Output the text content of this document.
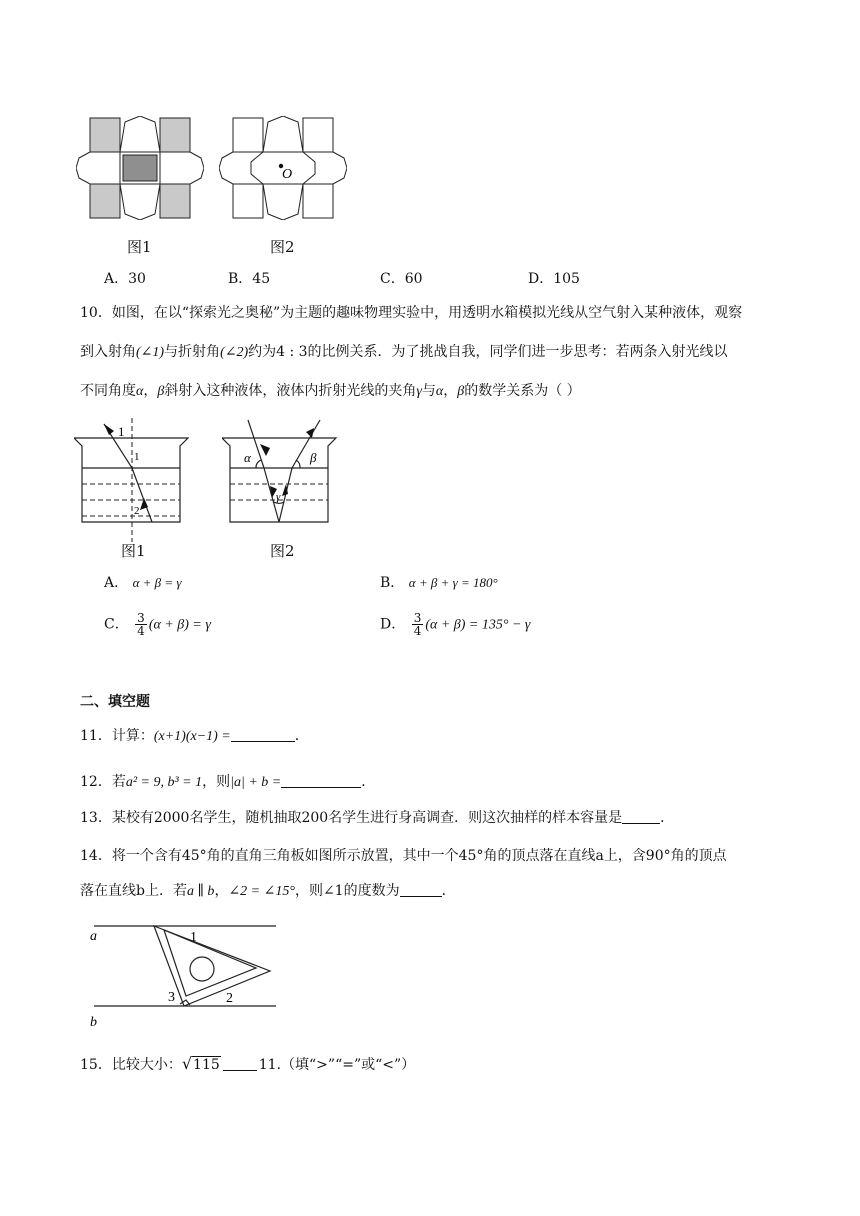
图1
O
图2
A．30	B．45	C．60	D．105
10．如图，在以“探索光之奥秘”为主题的趣味物理实验中，用透明水箱模拟光线从空气射入某种液体，观察
到入射角(∠1)与折射角(∠2)约为4 : 3的比例关系．为了挑战自我，同学们进一步思考：若两条入射光线以
不同角度α，β斜射入这种液体，液体内折射光线的夹角γ与α，β的数学关系为（ ）
1
1
2
图1
α	β
γ
图2
A． α + β = γ	B． α + β + γ = 180°
C． $\frac{3}{4} (\alpha + \beta) = \gamma$	D． $\frac{3}{4} (\alpha + \beta) = 135^\circ - \gamma$
二、填空题
11．计算：(x+1)(x−1) =	．
12．若a² = 9, b³ = 1，则|a| + b =	．
13．某校有2000名学生，随机抽取200名学生进行身高调查．则这次抽样的样本容量是	．
14．将一个含有45°角的直角三角板如图所示放置，其中一个45°角的顶点落在直线a上，含90°角的顶点
落在直线b上．若a ∥ b，∠2 = ∠15°，则∠1的度数为	．
a
b
1
2
3
15．比较大小：√115	11.（填“>”“=”或“<”）
